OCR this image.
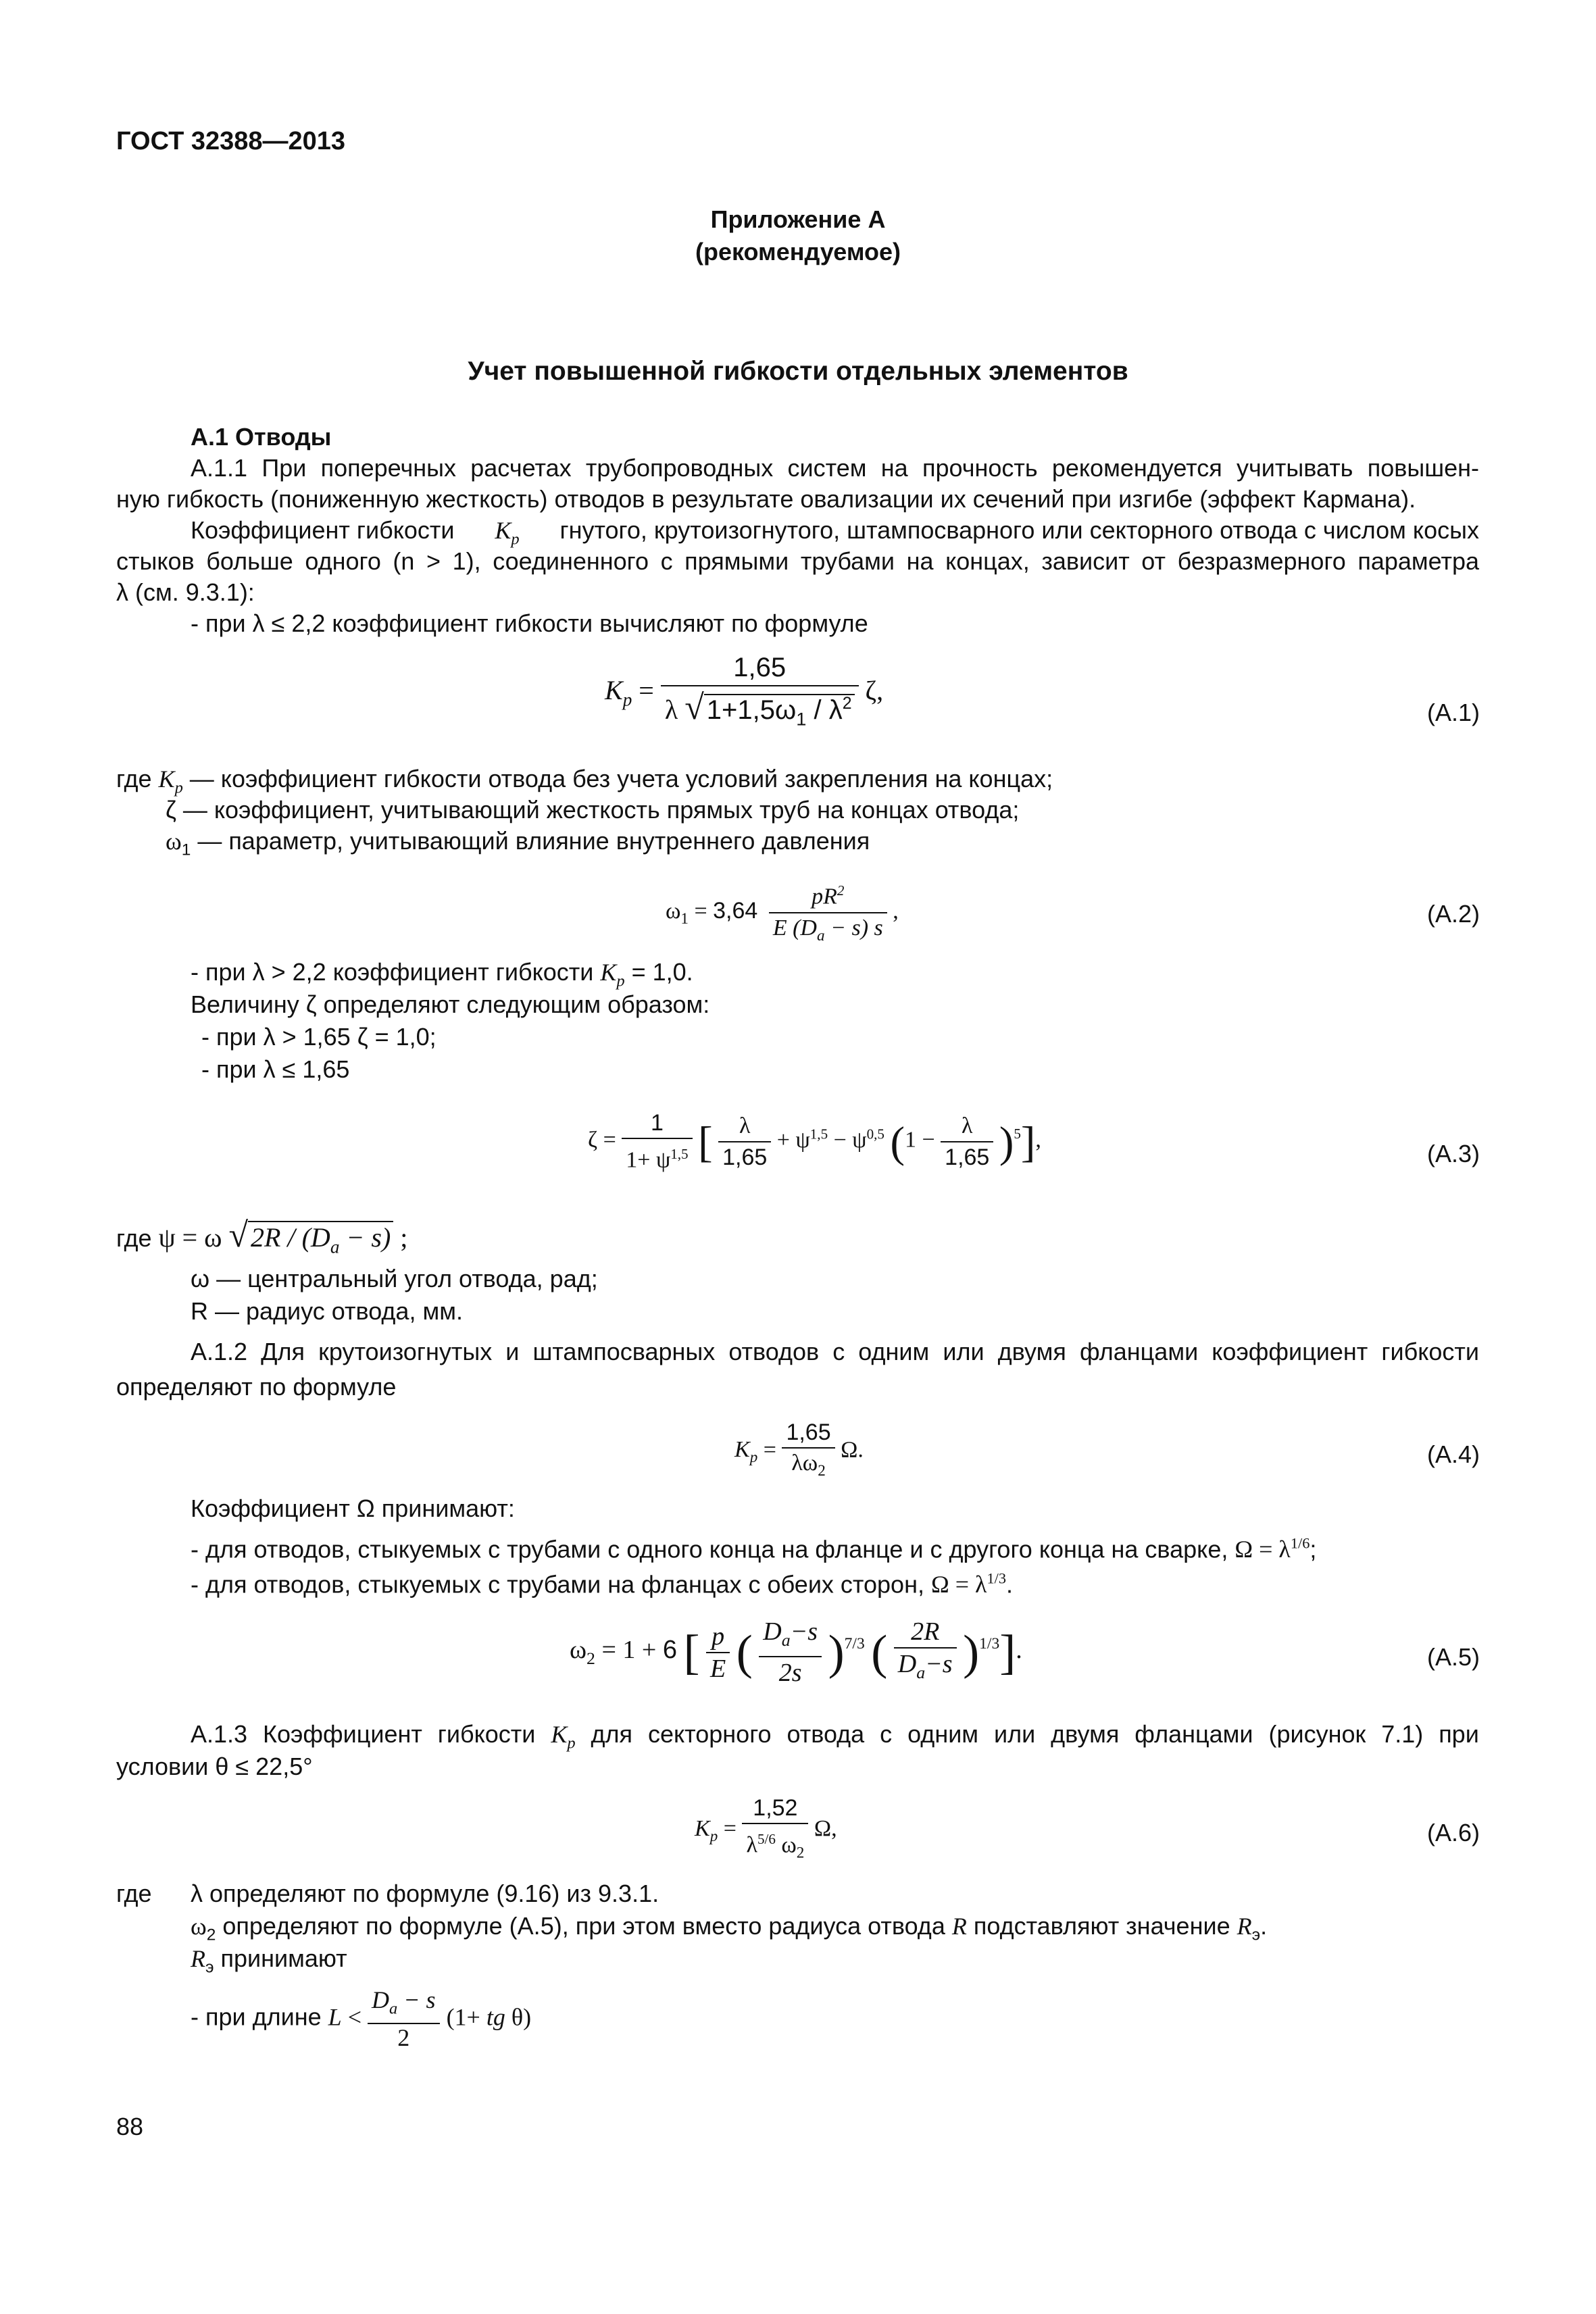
ГОСТ 32388—2013
Приложение А
(рекомендуемое)
Учет повышенной гибкости отдельных элементов
А.1 Отводы
А.1.1 При поперечных расчетах трубопроводных систем на прочность рекомендуется учитывать повышен-
ную гибкость (пониженную жесткость) отводов в результате овализации их сечений при изгибе (эффект Кармана).
Коэффициент гибкости $K_p$ гнутого, крутоизогнутого, штампосварного или секторного отвода с числом косых
стыков больше одного (n > 1), соединенного с прямыми трубами на концах, зависит от безразмерного параметра
λ (см. 9.3.1):
- при λ ≤ 2,2 коэффициент гибкости вычисляют по формуле
$K_p = \frac{1,65}{\lambda √ 1+1,5\omega_1 / \lambda^2} \zeta$,
(А.1)
где $K_p$ — коэффициент гибкости отвода без учета условий закрепления на концах;
ζ — коэффициент, учитывающий жесткость прямых труб на концах отвода;
$\omega_1$ — параметр, учитывающий влияние внутреннего давления
$\omega_1 = 3,64 \frac{pR^2}{E (D_a - s) s}$ ,	(А.2)
- при λ > 2,2 коэффициент гибкости $K_p = 1,0$.
Величину ζ определяют следующим образом:
- при λ > 1,65 ζ = 1,0;
- при λ ≤ 1,65
$\zeta = \frac{1}{1+ \psi^{1,5}}$ [ $\frac{\lambda}{1,65} + \psi^{1,5} - \psi^{0,5}$ $(1 - \frac{\lambda}{1,65} )^5$],	(А.3)
где ψ = ω √ $2R / (D_a - s)$ ;
ω — центральный угол отвода, рад;
R — радиус отвода, мм.
А.1.2 Для крутоизогнутых и штампосварных отводов с одним или двумя фланцами коэффициент гибкости
определяют по формуле
$K_p = \frac{1,65}{\lambda\omega_2} \Omega$.	(А.4)
Коэффициент Ω принимают:
- для отводов, стыкуемых с трубами с одного конца на фланце и с другого конца на сварке, $\Omega = \lambda^{1/6}$;
- для отводов, стыкуемых с трубами на фланцах с обеих сторон, $\Omega = \lambda^{1/3}$.
$\omega_2 = 1 + 6$ [ $\frac{p}{E}$ ( $\frac{D_a-s}{2s} )^{7/3}$ ( $\frac{2R}{D_a-s} )^{1/3}$].	(А.5)
А.1.3 Коэффициент гибкости $K_p$ для секторного отвода с одним или двумя фланцами (рисунок 7.1) при
условии θ ≤ 22,5°
$K_p = \frac{1,52}{\lambda^{5/6} \omega_2} \Omega$,	(А.6)
где λ определяют по формуле (9.16) из 9.3.1.
$\omega_2$ определяют по формуле (А.5), при этом вместо радиуса отвода R подставляют значение $R_э$.
$R_э$ принимают
- при длине $L < \frac{D_a - s}{2} (1+$ tg θ)
88
